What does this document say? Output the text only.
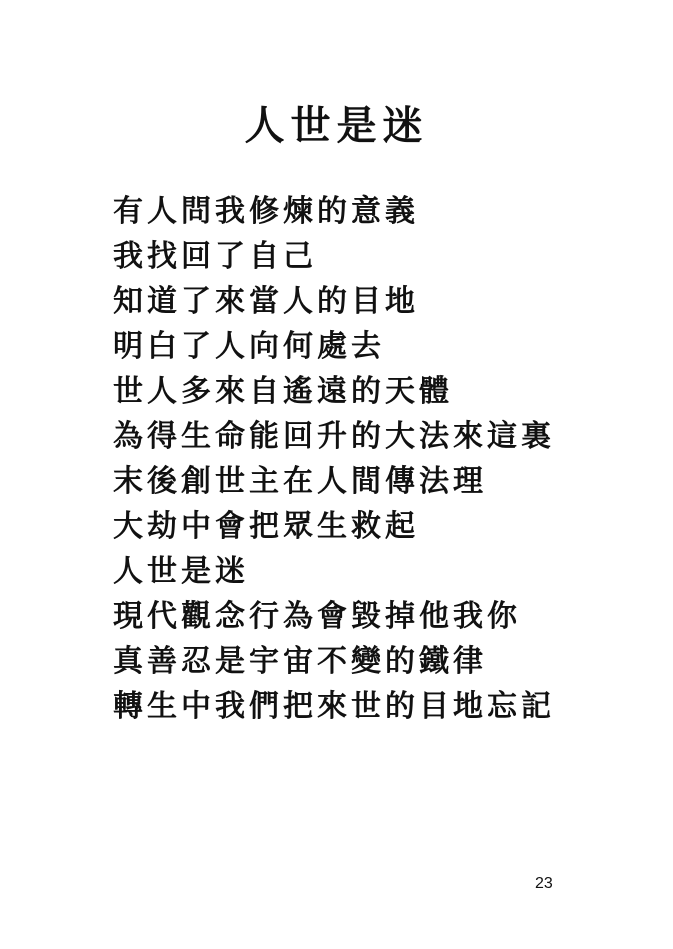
人世是迷
有人問我修煉的意義
我找回了自己
知道了來當人的目地
明白了人向何處去
世人多來自遙遠的天體
為得生命能回升的大法來這裏
末後創世主在人間傳法理
大劫中會把眾生救起
人世是迷
現代觀念行為會毀掉他我你
真善忍是宇宙不變的鐵律
轉生中我們把來世的目地忘記
23
